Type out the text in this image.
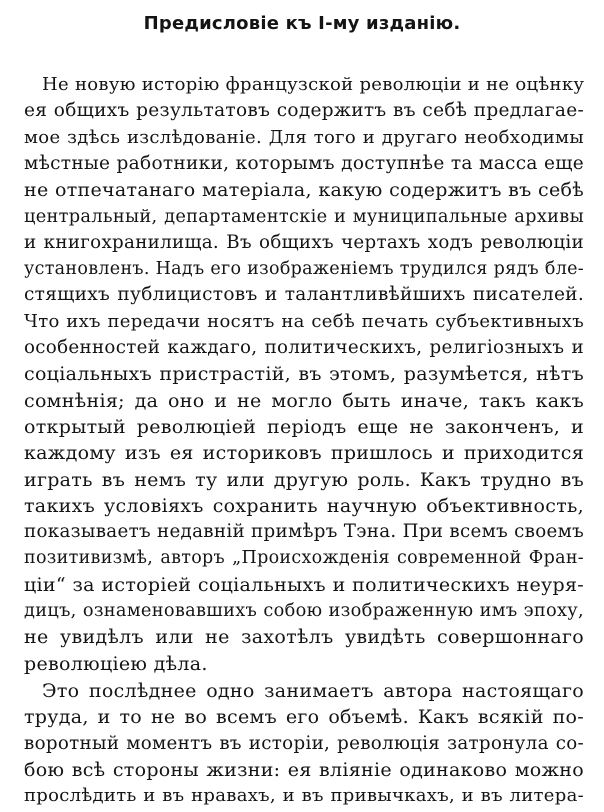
Предисловіе къ I-му изданію.
Не новую исторію французской революціи и не оцѣнку
ея общихъ результатовъ содержитъ въ себѣ предлагае-
мое здѣсь изслѣдованіе. Для того и другаго необходимы
мѣстные работники, которымъ доступнѣе та масса еще
не отпечатанаго матеріала, какую содержитъ въ себѣ
центральный, департаментскіе и муниципальные архивы
и книгохранилища. Въ общихъ чертахъ ходъ революціи
установленъ. Надъ его изображеніемъ трудился рядъ бле-
стящихъ публицистовъ и талантливѣйшихъ писателей.
Что ихъ передачи носятъ на себѣ печать субъективныхъ
особенностей каждаго, политическихъ, религіозныхъ и
соціальныхъ пристрастій, въ этомъ, разумѣется, нѣтъ
сомнѣнія; да оно и не могло быть иначе, такъ какъ
открытый революціей періодъ еще не законченъ, и
каждому изъ ея историковъ пришлось и приходится
играть въ немъ ту или другую роль. Какъ трудно въ
такихъ условіяхъ сохранить научную объективность,
показываетъ недавній примѣръ Тэна. При всемъ своемъ
позитивизмѣ, авторъ „Происхожденія современной Фран-
ціи“ за исторіей соціальныхъ и политическихъ неуря-
дицъ, ознаменовавшихъ собою изображенную имъ эпоху,
не увидѣлъ или не захотѣлъ увидѣть совершоннаго
революціею дѣла.
Это послѣднее одно занимаетъ автора настоящаго
труда, и то не во всемъ его объемѣ. Какъ всякій по-
воротный моментъ въ исторіи, революція затронула со-
бою всѣ стороны жизни: ея вліяніе одинаково можно
прослѣдить и въ нравахъ, и въ привычкахъ, и въ литера-
